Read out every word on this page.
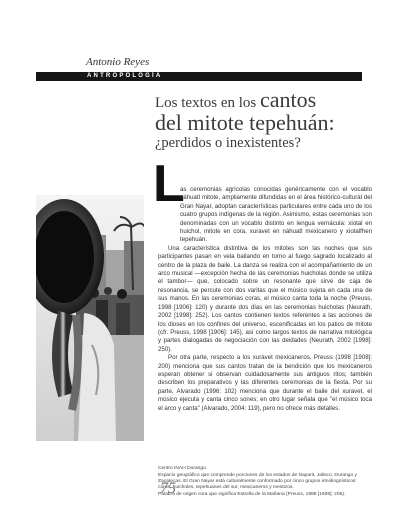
Antonio Reyes
ANTROPOLOGÍA
Los textos en los cantos
del mitote tepehuán:
¿perdidos o inexistentes?
L

as ceremonias agrícolas conocidas genéricamente con el vocablo náhuatl mitote, ampliamente difundidas en el área histórico-cultural del Gran Nayar, adoptan características particulares entre cada uno de los cuatro grupos indígenas de la región. Asimismo, estas ceremonias son denominadas con un vocablo distinto en lengua vernácula: xiotal en huichol, mitote en cora, xuravet en náhuatl mexicanero y xiotalfhen tepehuán.

Una característica distintiva de los mitotes son las noches que sus participantes pasan en vela bailando en torno al fuego sagrado localizado al centro de la plaza de baile. La danza se realiza con el acompañamiento de un arco musical —excepción hecha de las ceremonias huicholas donde se utiliza el tambor— que, colocado sobre un resonante que sirve de caja de resonancia, se percute con dos varitas que el músico sujeta en cada una de sus manos. En las ceremonias coras, el músico canta toda la noche (Preuss, 1998 [1906]: 120) y durante dos días en las ceremonias huicholas (Neurath, 2002 [1998]: 252). Los cantos contienen textos referentes a las acciones de los dioses en los confines del universo, escenificadas en los patios de mitote (cfr. Preuss, 1998 [1906]: 145), así como largos textos de narrativa mitológica y partes dialogadas de negociación con las deidades (Neurath, 2002 [1998]: 250).

Por otra parte, respecto a los xuravet mexicaneros, Preuss (1998 [1908]: 200) menciona que sus cantos tratan de la bendición que los mexicaneros esperan obtener si observan cuidadosamente sus antiguos ritos; también describen los preparativos y las diferentes ceremonias de la fiesta. Por su parte, Alvarado (1996: 102) menciona que durante el baile del xuravet, el músico ejecuta y canta cinco sones; en otro lugar señala que "el músico toca el arco y canta" (Alvarado, 2004: 119), pero no ofrece más detalles.

Centro INAH Durango.
Espacio geográfico que comprende porciones de los estados de Nayarit, Jalisco, Durango y Zacatecas. El Gran Nayar está culturalmente conformado por cinco grupos etnolingüísticos: coras, huicholes, tepehuanes del sur, mexicaneros y mestizos.
Palabra de origen cora que significa Estrella de la Mañana (Preuss, 1998 [1908]: 206).
75
